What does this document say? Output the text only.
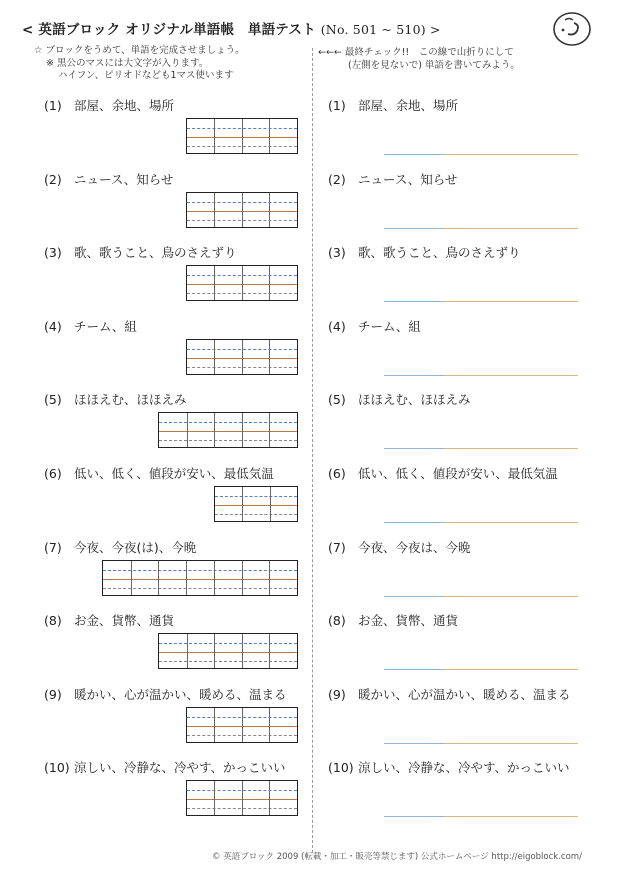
< 英語ブロック オリジナル単語帳　単語テスト (No. 501 ~ 510) >
☆ ブロックをうめて、単語を完成させましょう。
※ 黒公のマスには大文字が入ります。
ハイフン、ピリオドなども1マス使います
←←← 最終チェック!!　この線で山折りにして
(左側を見ないで) 単語を書いてみよう。
(1) 部屋、余地、場所
(2) ニュース、知らせ
(3) 歌、歌うこと、鳥のさえずり
(4) チーム、組
(5) ほほえむ、ほほえみ
(6) 低い、低く、値段が安い、最低気温
(7) 今夜、今夜(は)、今晩
(8) お金、貨幣、通貨
(9) 暖かい、心が温かい、暖める、温まる
(10) 涼しい、冷静な、冷やす、かっこいい
(1) 部屋、余地、場所
(2) ニュース、知らせ
(3) 歌、歌うこと、鳥のさえずり
(4) チーム、組
(5) ほほえむ、ほほえみ
(6) 低い、低く、値段が安い、最低気温
(7) 今夜、今夜は、今晩
(8) お金、貨幣、通貨
(9) 暖かい、心が温かい、暖める、温まる
(10) 涼しい、冷静な、冷やす、かっこいい
© 英語ブロック 2009 (転載・加工・販売等禁じます) 公式ホームページ http://eigoblock.com/
